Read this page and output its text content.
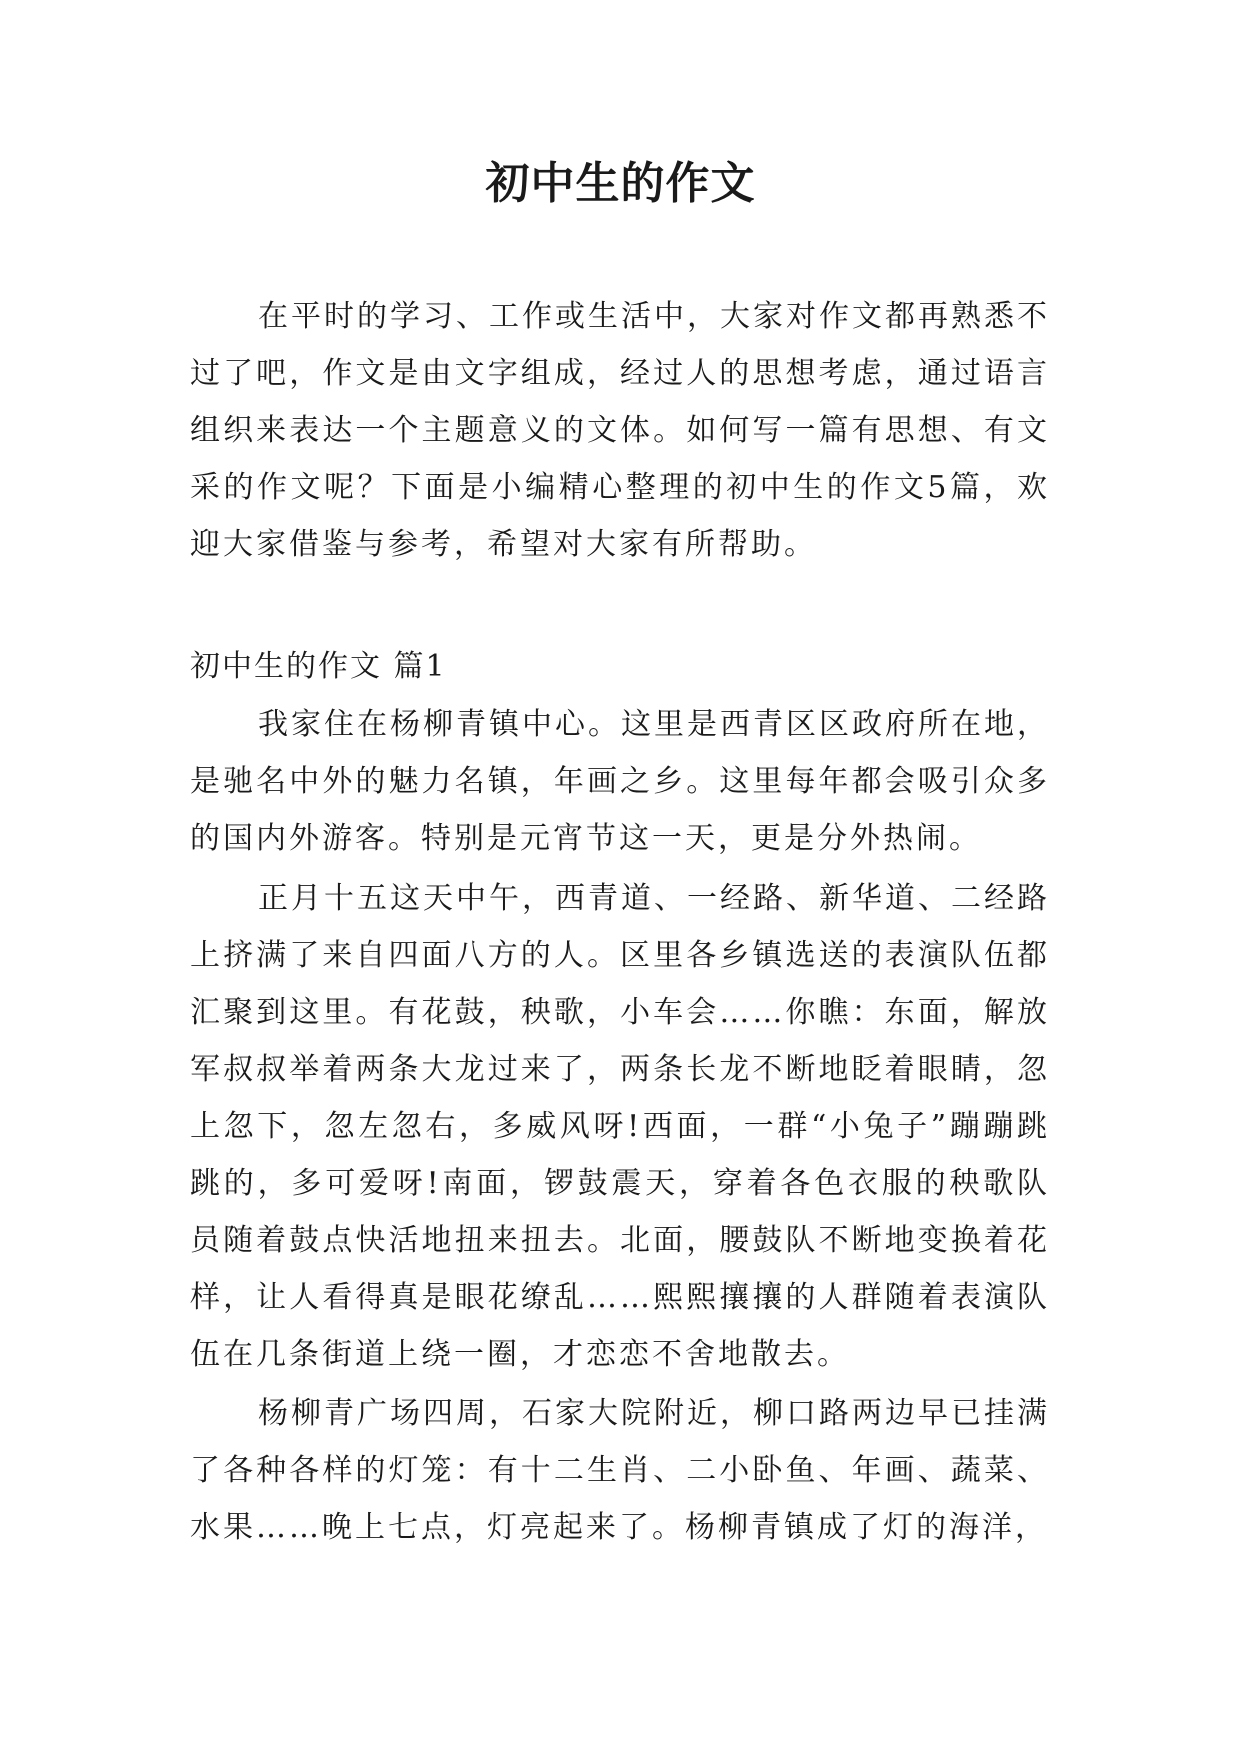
初中生的作文

在平时的学习、工作或生活中，大家对作文都再熟悉不过了吧，作文是由文字组成，经过人的思想考虑，通过语言组织来表达一个主题意义的文体。如何写一篇有思想、有文采的作文呢？下面是小编精心整理的初中生的作文5篇，欢迎大家借鉴与参考，希望对大家有所帮助。

初中生的作文 篇1

我家住在杨柳青镇中心。这里是西青区区政府所在地，是驰名中外的魅力名镇，年画之乡。这里每年都会吸引众多的国内外游客。特别是元宵节这一天，更是分外热闹。

正月十五这天中午，西青道、一经路、新华道、二经路上挤满了来自四面八方的人。区里各乡镇选送的表演队伍都汇聚到这里。有花鼓，秧歌，小车会……你瞧：东面，解放军叔叔举着两条大龙过来了，两条长龙不断地眨着眼睛，忽上忽下，忽左忽右，多威风呀!西面，一群“小兔子”蹦蹦跳跳的，多可爱呀!南面，锣鼓震天，穿着各色衣服的秧歌队员随着鼓点快活地扭来扭去。北面，腰鼓队不断地变换着花样，让人看得真是眼花缭乱……熙熙攘攘的人群随着表演队伍在几条街道上绕一圈，才恋恋不舍地散去。

杨柳青广场四周，石家大院附近，柳口路两边早已挂满了各种各样的灯笼：有十二生肖、二小卧鱼、年画、蔬菜、水果……晚上七点，灯亮起来了。杨柳青镇成了灯的海洋，
